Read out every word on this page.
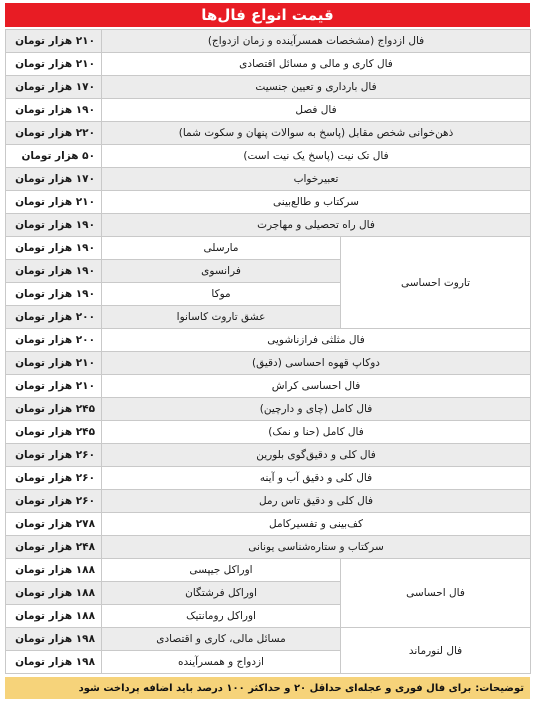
قیمت انواع فال‌ها
فال ازدواج (مشخصات همسرآینده و زمان ازدواج)		۲۱۰ هزار تومان
فال کاری و مالی و مسائل اقتصادی		۲۱۰ هزار تومان
فال بارداری و تعیین جنسیت		۱۷۰ هزار تومان
فال فصل		۱۹۰ هزار تومان
ذهن‌خوانی شخص مقابل (پاسخ به سوالات پنهان و سکوت شما)		۲۲۰ هزار تومان
فال تک نیت (پاسخ یک نیت است)		۵۰ هزار تومان
تعبیرخواب		۱۷۰ هزار تومان
سرکتاب و طالع‌بینی		۲۱۰ هزار تومان
فال راه تحصیلی و مهاجرت		۱۹۰ هزار تومان
تاروت احساسی	مارسلی	۱۹۰ هزار تومان
	فرانسوی	۱۹۰ هزار تومان
	موکا	۱۹۰ هزار تومان
	عشق تاروت کاسانوا	۲۰۰ هزار تومان
فال مثلثی فرازناشویی		۲۰۰ هزار تومان
دوکاپ قهوه احساسی (دقیق)		۲۱۰ هزار تومان
فال احساسی کراش		۲۱۰ هزار تومان
فال کامل (چای و دارچین)		۲۴۵ هزار تومان
فال کامل (حنا و نمک)		۲۴۵ هزار تومان
فال کلی و دقیق‌گوی بلورین		۲۶۰ هزار تومان
فال کلی و دقیق آب و آینه		۲۶۰ هزار تومان
فال کلی و دقیق تاس رمل		۲۶۰ هزار تومان
کف‌بینی و تفسیرکامل		۲۷۸ هزار تومان
سرکتاب و ستاره‌شناسی یونانی		۲۴۸ هزار تومان
فال احساسی	اوراکل جیپسی	۱۸۸ هزار تومان
	اوراکل فرشتگان	۱۸۸ هزار تومان
	اوراکل رومانتیک	۱۸۸ هزار تومان
فال لنورماند	مسائل مالی، کاری و اقتصادی	۱۹۸ هزار تومان
	ازدواج و همسرآینده	۱۹۸ هزار تومان
توضیحات:
برای فال فوری و عجله‌ای حداقل ۲۰ و حداکثر ۱۰۰ درصد باید اضافه پرداخت شود
